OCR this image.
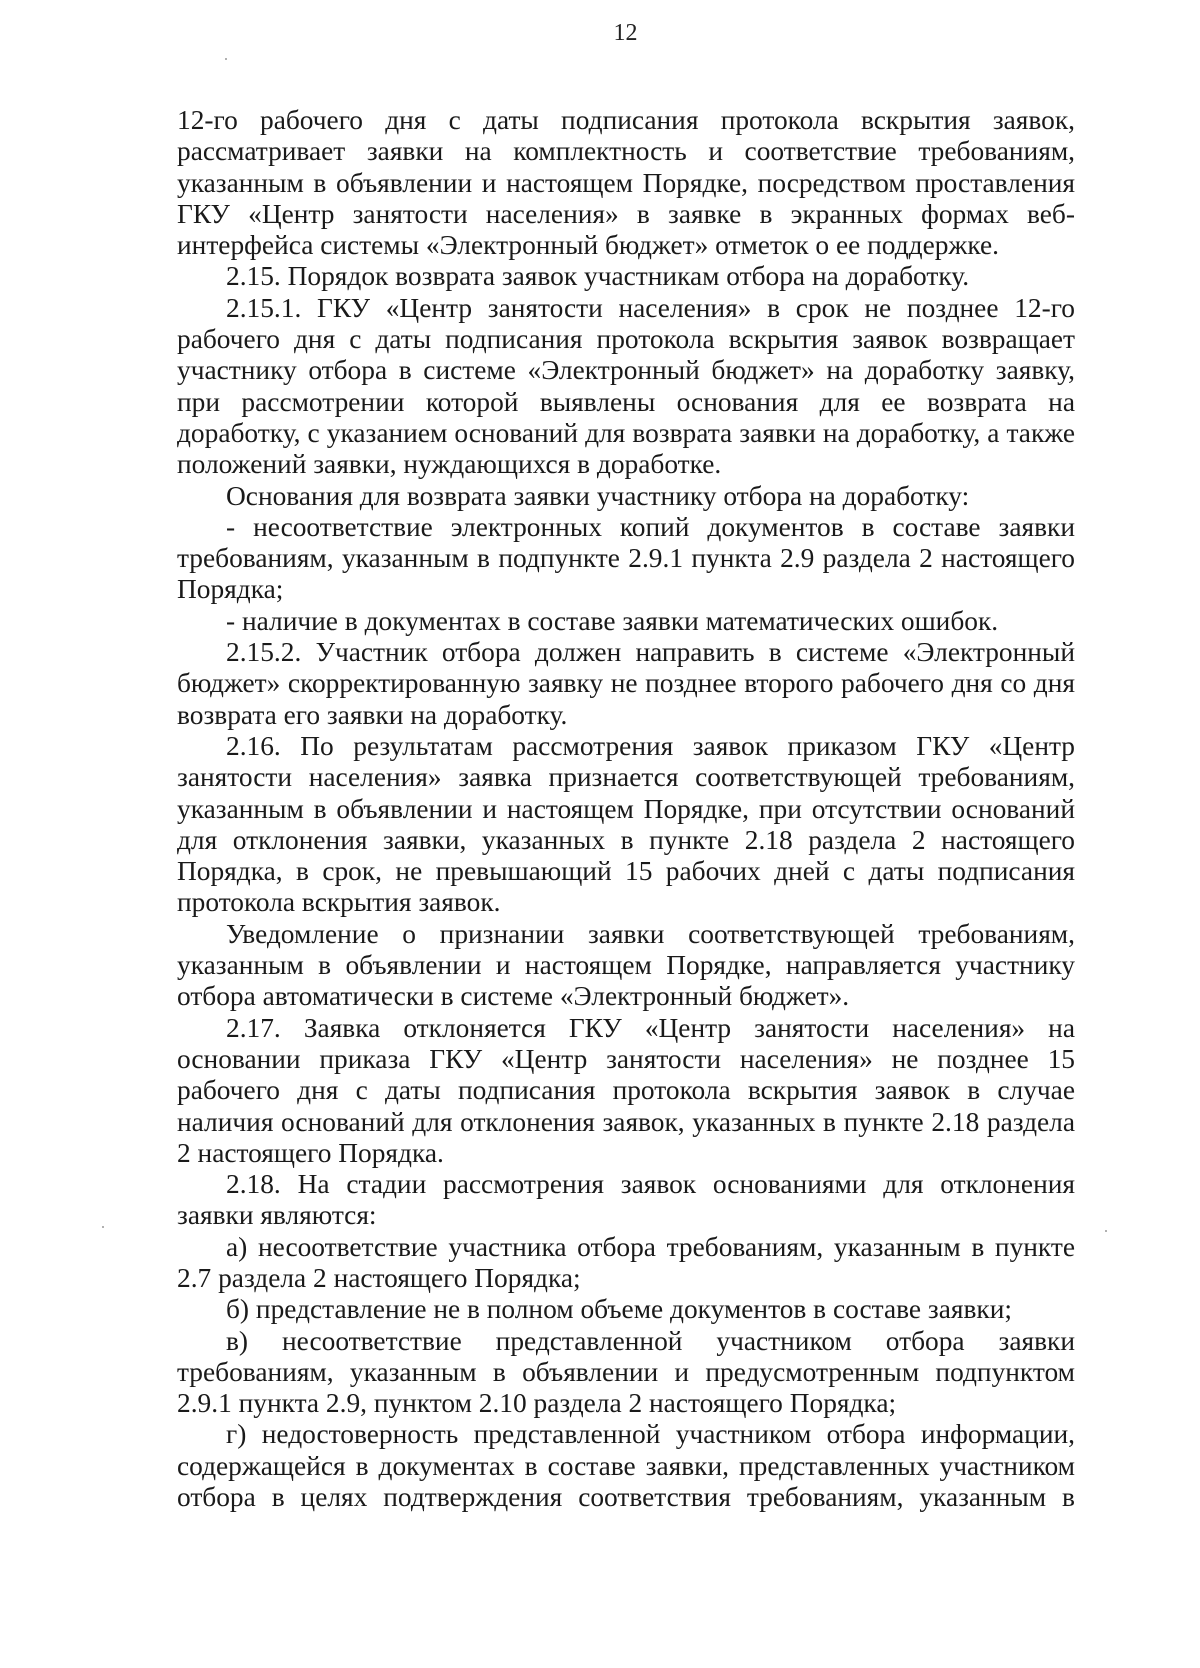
12

12-го рабочего дня с даты подписания протокола вскрытия заявок, рассматривает заявки на комплектность и соответствие требованиям, указанным в объявлении и настоящем Порядке, посредством проставления ГКУ «Центр занятости населения» в заявке в экранных формах веб-интерфейса системы «Электронный бюджет» отметок о ее поддержке.

2.15. Порядок возврата заявок участникам отбора на доработку.

2.15.1. ГКУ «Центр занятости населения» в срок не позднее 12-го рабочего дня с даты подписания протокола вскрытия заявок возвращает участнику отбора в системе «Электронный бюджет» на доработку заявку, при рассмотрении которой выявлены основания для ее возврата на доработку, с указанием оснований для возврата заявки на доработку, а также положений заявки, нуждающихся в доработке.

Основания для возврата заявки участнику отбора на доработку:

- несоответствие электронных копий документов в составе заявки требованиям, указанным в подпункте 2.9.1 пункта 2.9 раздела 2 настоящего Порядка;

- наличие в документах в составе заявки математических ошибок.

2.15.2. Участник отбора должен направить в системе «Электронный бюджет» скорректированную заявку не позднее второго рабочего дня со дня возврата его заявки на доработку.

2.16. По результатам рассмотрения заявок приказом ГКУ «Центр занятости населения» заявка признается соответствующей требованиям, указанным в объявлении и настоящем Порядке, при отсутствии оснований для отклонения заявки, указанных в пункте 2.18 раздела 2 настоящего Порядка, в срок, не превышающий 15 рабочих дней с даты подписания протокола вскрытия заявок.

Уведомление о признании заявки соответствующей требованиям, указанным в объявлении и настоящем Порядке, направляется участнику отбора автоматически в системе «Электронный бюджет».

2.17. Заявка отклоняется ГКУ «Центр занятости населения» на основании приказа ГКУ «Центр занятости населения» не позднее 15 рабочего дня с даты подписания протокола вскрытия заявок в случае наличия оснований для отклонения заявок, указанных в пункте 2.18 раздела 2 настоящего Порядка.

2.18. На стадии рассмотрения заявок основаниями для отклонения заявки являются:

а) несоответствие участника отбора требованиям, указанным в пункте 2.7 раздела 2 настоящего Порядка;

б) представление не в полном объеме документов в составе заявки;

в) несоответствие представленной участником отбора заявки требованиям, указанным в объявлении и предусмотренным подпунктом 2.9.1 пункта 2.9, пунктом 2.10 раздела 2 настоящего Порядка;

г) недостоверность представленной участником отбора информации, содержащейся в документах в составе заявки, представленных участником отбора в целях подтверждения соответствия требованиям, указанным в
